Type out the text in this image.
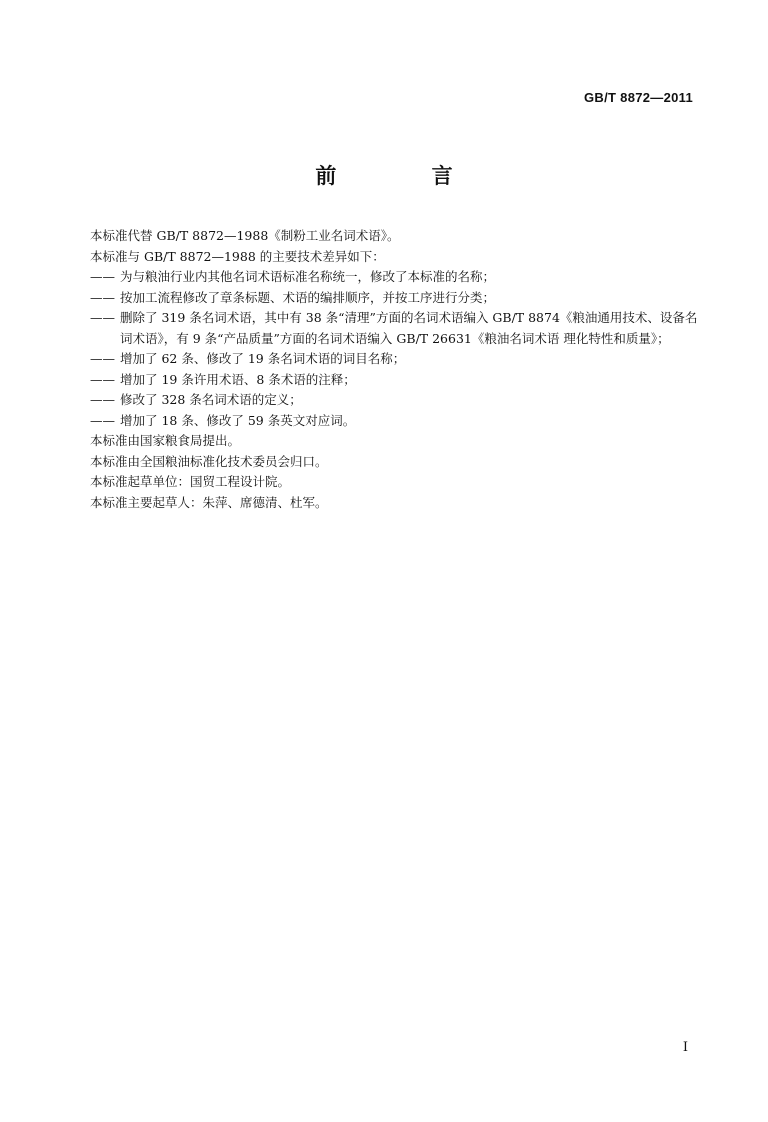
GB/T 8872—2011
前 言
本标准代替 GB/T 8872—1988《制粉工业名词术语》。
本标准与 GB/T 8872—1988 的主要技术差异如下：
—— 为与粮油行业内其他名词术语标准名称统一，修改了本标准的名称；
—— 按加工流程修改了章条标题、术语的编排顺序，并按工序进行分类；
—— 删除了 319 条名词术语，其中有 38 条“清理”方面的名词术语编入 GB/T 8874《粮油通用技术、设备名词术语》，有 9 条“产品质量”方面的名词术语编入 GB/T 26631《粮油名词术语 理化特性和质量》；
—— 增加了 62 条、修改了 19 条名词术语的词目名称；
—— 增加了 19 条许用术语、8 条术语的注释；
—— 修改了 328 条名词术语的定义；
—— 增加了 18 条、修改了 59 条英文对应词。
本标准由国家粮食局提出。
本标准由全国粮油标准化技术委员会归口。
本标准起草单位：国贸工程设计院。
本标准主要起草人：朱萍、席德清、杜军。
I
